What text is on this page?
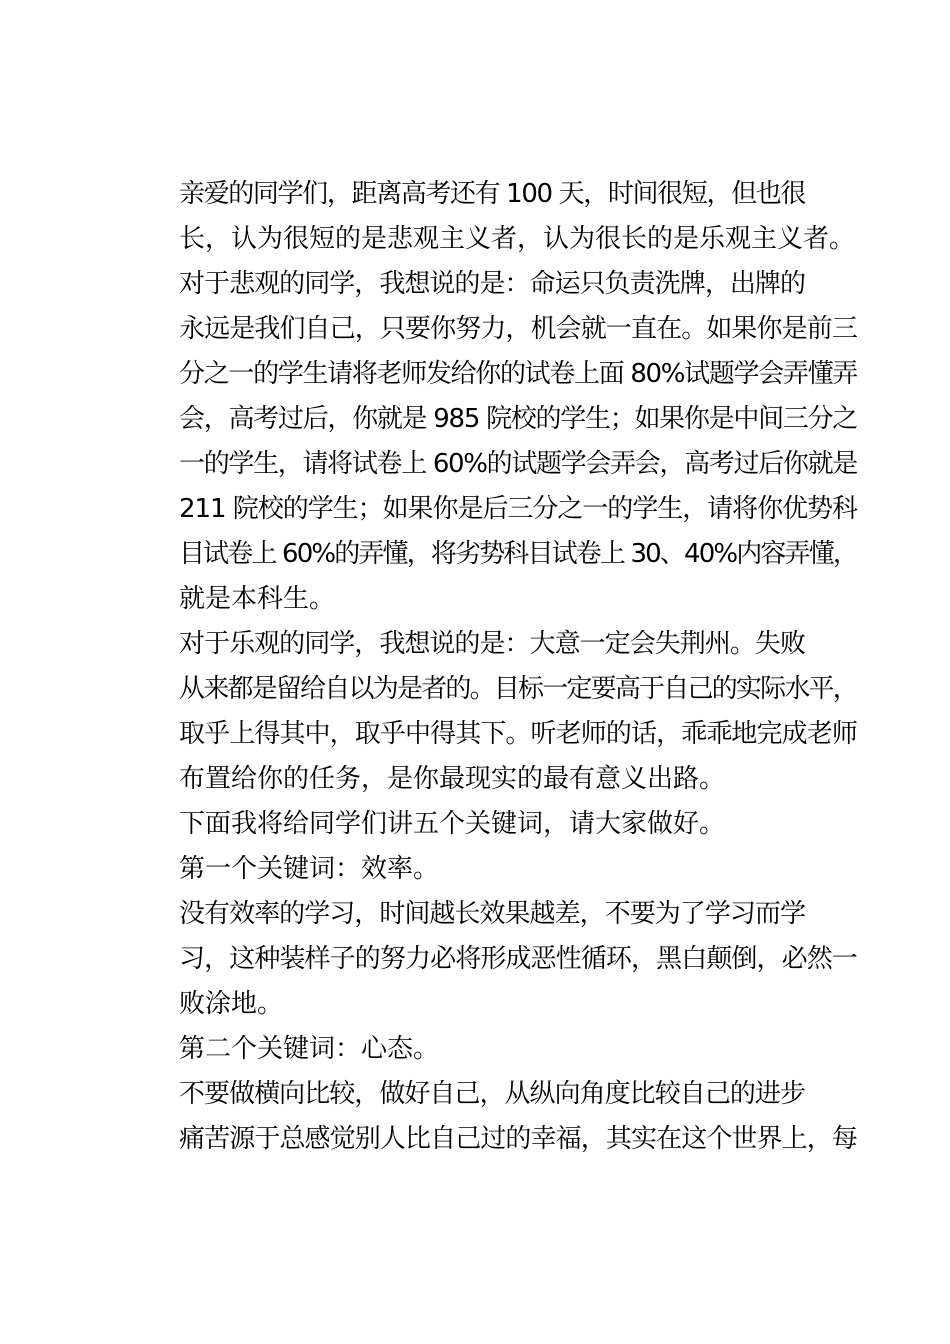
亲爱的同学们，距离高考还有 100 天，时间很短，但也很
长，认为很短的是悲观主义者，认为很长的是乐观主义者。

对于悲观的同学，我想说的是：命运只负责洗牌，出牌的
永远是我们自己，只要你努力，机会就一直在。如果你是前三
分之一的学生请将老师发给你的试卷上面 80%试题学会弄懂弄
会，高考过后，你就是 985 院校的学生；如果你是中间三分之
一的学生，请将试卷上 60%的试题学会弄会，高考过后你就是
211 院校的学生；如果你是后三分之一的学生，请将你优势科
目试卷上 60%的弄懂，将劣势科目试卷上 30、40%内容弄懂，
就是本科生。

对于乐观的同学，我想说的是：大意一定会失荆州。失败
从来都是留给自以为是者的。目标一定要高于自己的实际水平，
取乎上得其中，取乎中得其下。听老师的话，乖乖地完成老师
布置给你的任务，是你最现实的最有意义出路。

下面我将给同学们讲五个关键词，请大家做好。

第一个关键词：效率。

没有效率的学习，时间越长效果越差，不要为了学习而学
习，这种装样子的努力必将形成恶性循环，黑白颠倒，必然一
败涂地。

第二个关键词：心态。

不要做横向比较，做好自己，从纵向角度比较自己的进步
痛苦源于总感觉别人比自己过的幸福，其实在这个世界上，每
